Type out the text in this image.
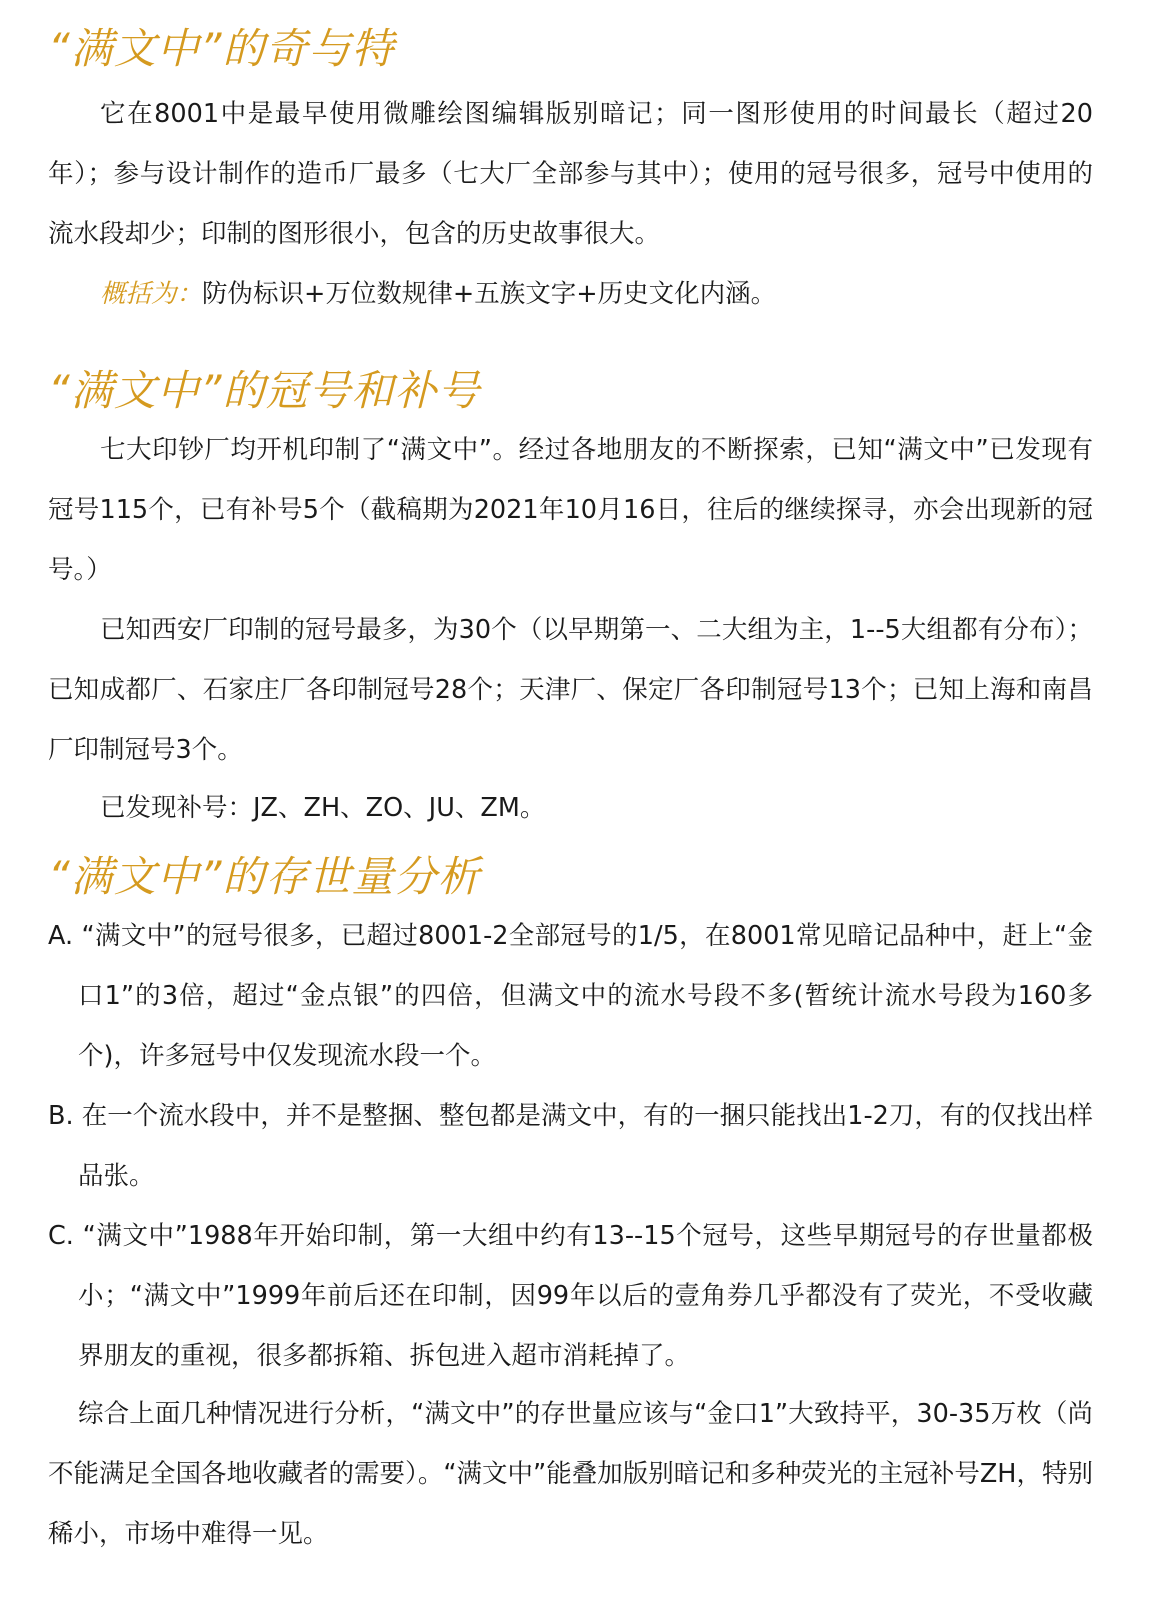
“满文中”的奇与特

它在8001中是最早使用微雕绘图编辑版别暗记；同一图形使用的时间最长（超过20年）；参与设计制作的造币厂最多（七大厂全部参与其中）；使用的冠号很多，冠号中使用的流水段却少；印制的图形很小，包含的历史故事很大。

概括为：防伪标识+万位数规律+五族文字+历史文化内涵。

“满文中”的冠号和补号

七大印钞厂均开机印制了“满文中”。经过各地朋友的不断探索，已知“满文中”已发现有冠号115个，已有补号5个（截稿期为2021年10月16日，往后的继续探寻，亦会出现新的冠号。）

已知西安厂印制的冠号最多，为30个（以早期第一、二大组为主，1--5大组都有分布）；已知成都厂、石家庄厂各印制冠号28个；天津厂、保定厂各印制冠号13个；已知上海和南昌厂印制冠号3个。

已发现补号：JZ、ZH、ZO、JU、ZM。

“满文中”的存世量分析

A. “满文中”的冠号很多，已超过8001-2全部冠号的1/5，在8001常见暗记品种中，赶上“金口1”的3倍，超过“金点银”的四倍，但满文中的流水号段不多(暂统计流水号段为160多个)，许多冠号中仅发现流水段一个。

B. 在一个流水段中，并不是整捆、整包都是满文中，有的一捆只能找出1-2刀，有的仅找出样品张。

C. “满文中”1988年开始印制，第一大组中约有13--15个冠号，这些早期冠号的存世量都极小；“满文中”1999年前后还在印制，因99年以后的壹角券几乎都没有了荧光，不受收藏界朋友的重视，很多都拆箱、拆包进入超市消耗掉了。

综合上面几种情况进行分析，“满文中”的存世量应该与“金口1”大致持平，30-35万枚（尚不能满足全国各地收藏者的需要）。“满文中”能叠加版别暗记和多种荧光的主冠补号ZH，特别稀小，市场中难得一见。
